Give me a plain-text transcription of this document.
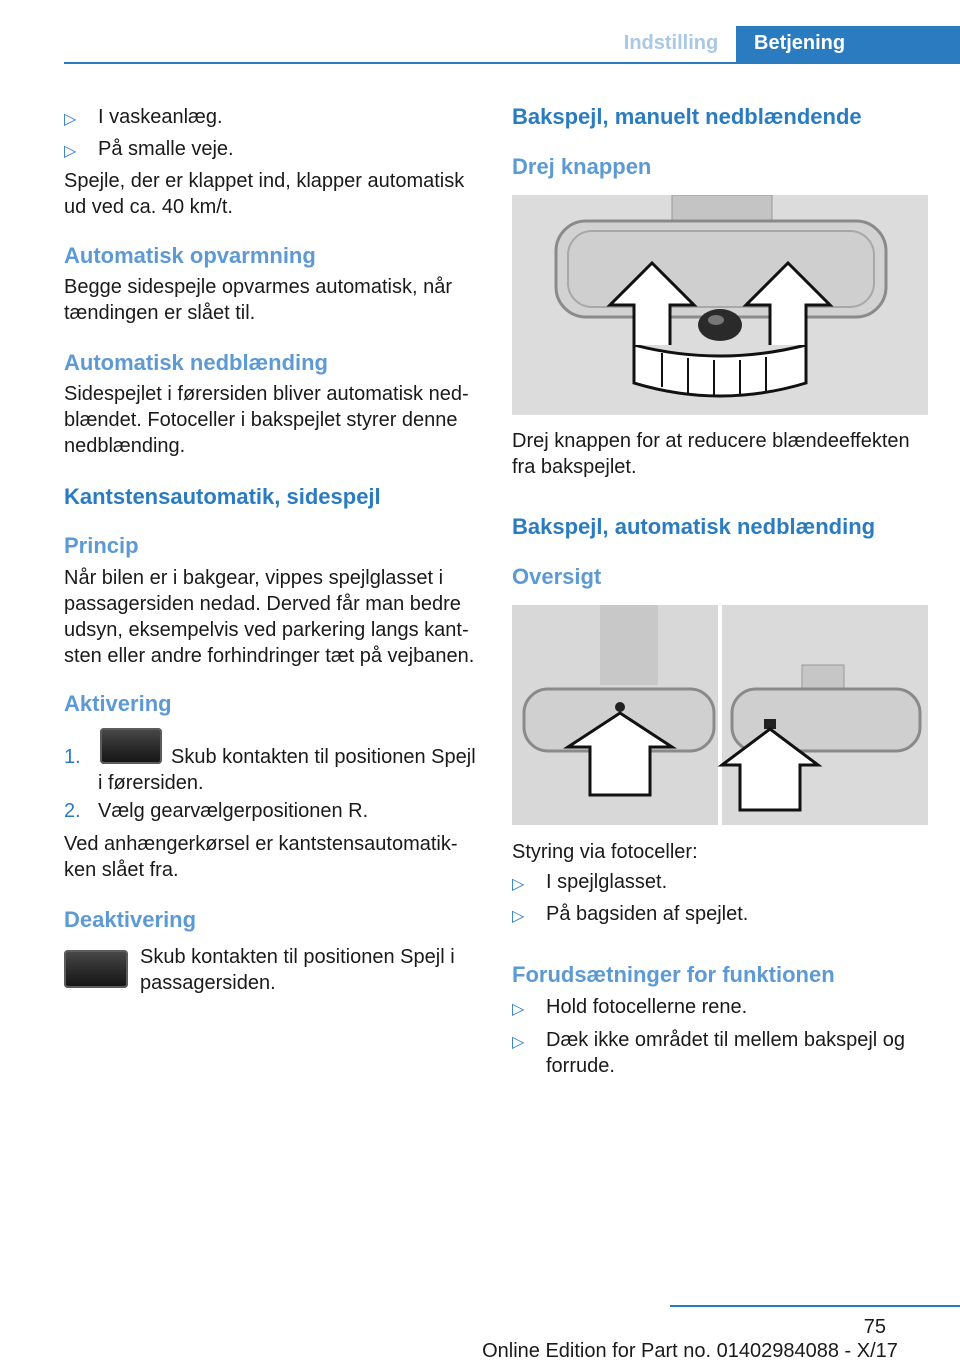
Indstilling	Betjening
▷ I vaskeanlæg.
▷ På smalle veje.
Spejle, der er klappet ind, klapper automatisk
ud ved ca. 40 km/t.
Automatisk opvarmning
Begge sidespejle opvarmes automatisk, når
tændingen er slået til.
Automatisk nedblænding
Sidespejlet i førersiden bliver automatisk ned-
blændet. Fotoceller i bakspejlet styrer denne
nedblænding.
Kantstensautomatik, sidespejl
Princip
Når bilen er i bakgear, vippes spejlglasset i
passagersiden nedad. Derved får man bedre
udsyn, eksempelvis ved parkering langs kant-
sten eller andre forhindringer tæt på vejbanen.
Aktivering
1.	Skub kontakten til positionen Spejl
i førersiden.
2. Vælg gearvælgerpositionen R.
Ved anhængerkørsel er kantstensautomatik-
ken slået fra.
Deaktivering
Skub kontakten til positionen Spejl i
passagersiden.
Bakspejl, manuelt nedblændende
Drej knappen
Drej knappen for at reducere blændeeffekten
fra bakspejlet.
Bakspejl, automatisk nedblænding
Oversigt
Styring via fotoceller:
▷ I spejlglasset.
▷ På bagsiden af spejlet.
Forudsætninger for funktionen
▷ Hold fotocellerne rene.
▷ Dæk ikke området til mellem bakspejl og
forrude.
75
Online Edition for Part no. 01402984088 - X/17
